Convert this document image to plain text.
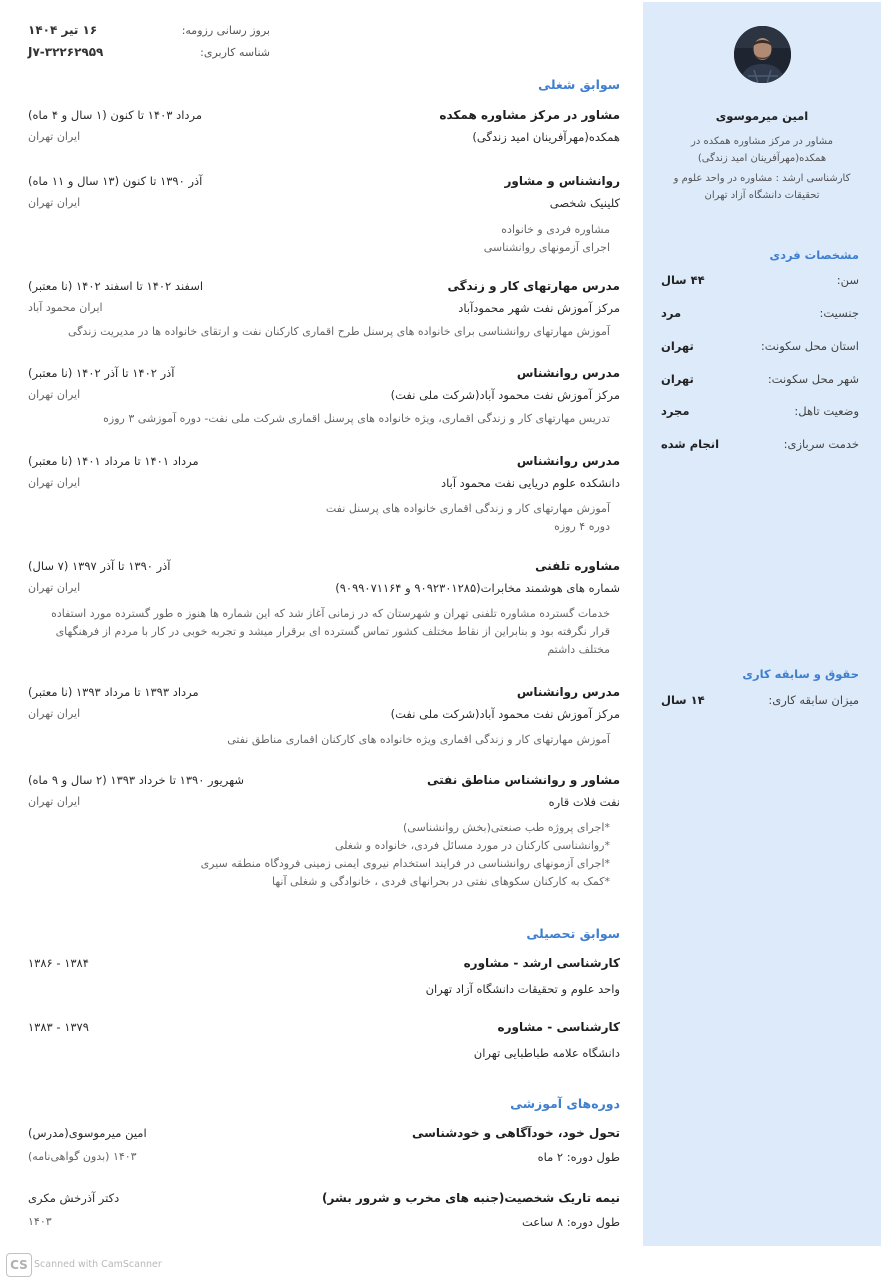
بروز رسانی رزومه:
۱۶ تیر ۱۴۰۴
شناسه کاربری:
J۷-۳۲۲۶۲۹۵۹
سوابق شغلی
مشاور در مرکز مشاوره همکده
مرداد ۱۴۰۳ تا کنون (۱ سال و ۴ ماه)
همکده(مهرآفرینان امید زندگی)
ایران تهران
روانشناس و مشاور
آذر ۱۳۹۰ تا کنون (۱۳ سال و ۱۱ ماه)
کلینیک شخصی
ایران تهران
مشاوره فردی و خانواده
اجرای آزمونهای روانشناسی
مدرس مهارتهای کار و زندگی
اسفند ۱۴۰۲ تا اسفند ۱۴۰۲ (نا معتبر)
مرکز آموزش نفت شهر محمودآباد
ایران محمود آباد
آموزش مهارتهای روانشناسی برای خانواده های پرسنل طرح اقماری کارکنان نفت و ارتقای خانواده ها در مدیریت زندگی
مدرس روانشناس
آذر ۱۴۰۲ تا آذر ۱۴۰۲ (نا معتبر)
مرکز آموزش نفت محمود آباد(شرکت ملی نفت)
ایران تهران
تدریس مهارتهای کار و زندگی اقماری، ویژه خانواده های پرسنل اقماری شرکت ملی نفت- دوره آموزشی ۳ روزه
مدرس روانشناس
مرداد ۱۴۰۱ تا مرداد ۱۴۰۱ (نا معتبر)
دانشکده علوم دریایی نفت محمود آباد
ایران تهران
آموزش مهارتهای کار و زندگی اقماری خانواده های پرسنل نفت
دوره ۴ روزه
مشاوره تلفنی
آذر ۱۳۹۰ تا آذر ۱۳۹۷ (۷ سال)
شماره های هوشمند مخابرات(۹۰۹۲۳۰۱۲۸۵ و ۹۰۹۹۰۷۱۱۶۴)
ایران تهران
خدمات گسترده مشاوره تلفنی تهران و شهرستان که در زمانی آغاز شد که این شماره ها هنوز ه طور گسترده مورد استفاده قرار نگرفته بود و بنابراین از نقاط مختلف کشور تماس گسترده ای برقرار میشد و تجربه خوبی در کار با مردم از فرهنگهای مختلف داشتم
مدرس روانشناس
مرداد ۱۳۹۳ تا مرداد ۱۳۹۳ (نا معتبر)
مرکز آموزش نفت محمود آباد(شرکت ملی نفت)
ایران تهران
آموزش مهارتهای کار و زندگی اقماری ویژه خانواده های کارکنان اقماری مناطق نفتی
مشاور و روانشناس مناطق نفتی
شهریور ۱۳۹۰ تا خرداد ۱۳۹۳ (۲ سال و ۹ ماه)
نفت فلات قاره
ایران تهران
*اجرای پروژه طب صنعتی(بخش روانشناسی)
*روانشناسی کارکنان در مورد مسائل فردی، خانواده و شغلی
*اجرای آزمونهای روانشناسی در فرایند استخدام نیروی ایمنی زمینی فرودگاه منطقه سیری
*کمک به کارکنان سکوهای نفتی در بحرانهای فردی ، خانوادگی و شغلی آنها
سوابق تحصیلی
کارشناسی ارشد - مشاوره
۱۳۸۴ - ۱۳۸۶
واحد علوم و تحقیقات دانشگاه آزاد تهران
کارشناسی - مشاوره
۱۳۷۹ - ۱۳۸۳
دانشگاه علامه طباطبایی تهران
دوره‌های آموزشی
تحول خود، خودآگاهی و خودشناسی
امین میرموسوی(مدرس)
طول دوره: ۲ ماه
۱۴۰۳ (بدون گواهی‌نامه)
نیمه تاریک شخصیت(جنبه های مخرب و شرور بشر)
دکتر آذرخش مکری
طول دوره: ۸ ساعت
۱۴۰۳
امین میرموسوی
مشاور در مرکز مشاوره همکده در همکده(مهرآفرینان امید زندگی)
کارشناسی ارشد : مشاوره در واحد علوم و تحقیقات دانشگاه آزاد تهران
مشخصات فردی
سن:
۴۴ سال
جنسیت:
مرد
استان محل سکونت:
تهران
شهر محل سکونت:
تهران
وضعیت تاهل:
مجرد
خدمت سربازی:
انجام شده
حقوق و سابقه کاری
میزان سابقه کاری:
۱۴ سال
CS Scanned with CamScanner
